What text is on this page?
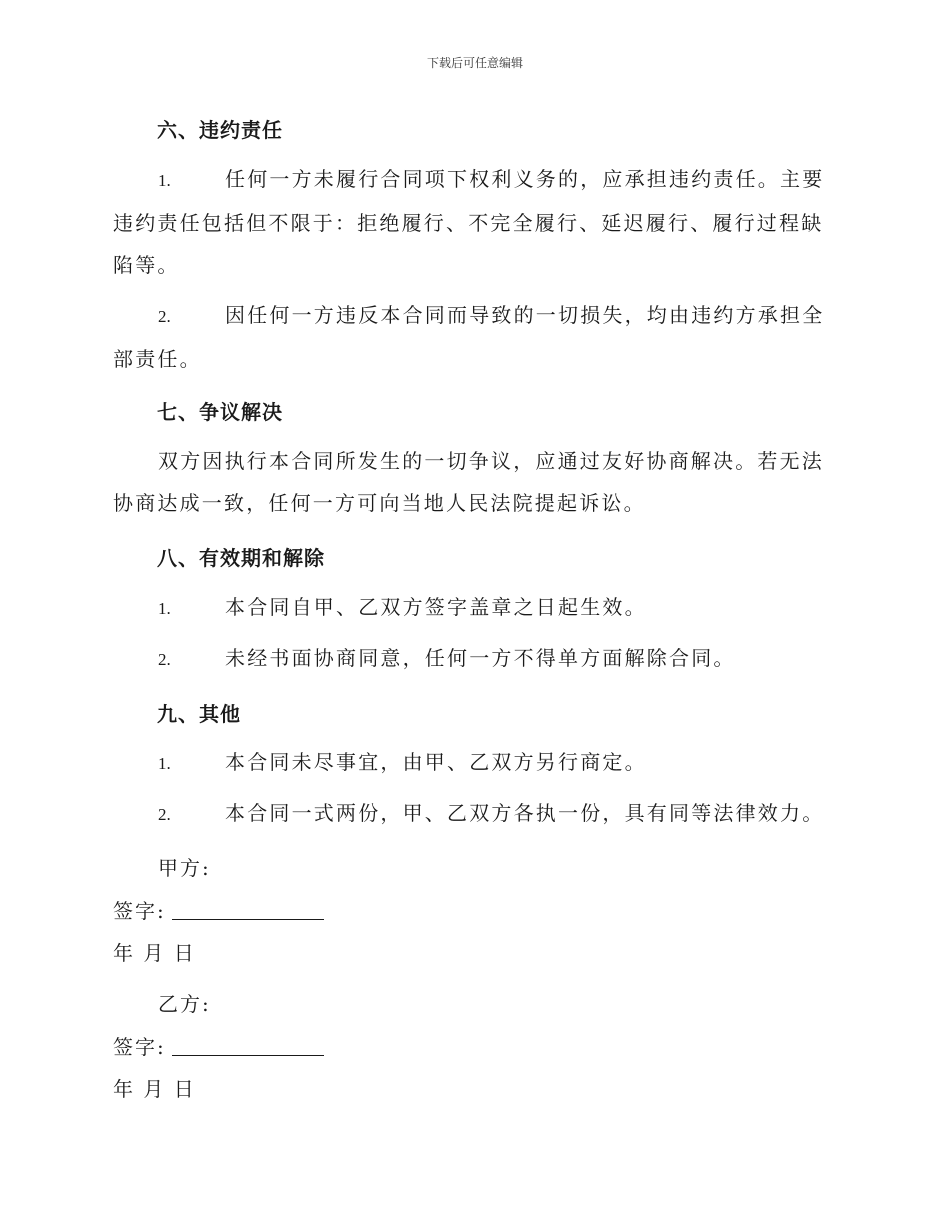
下载后可任意编辑
六、违约责任
1.	任何一方未履行合同项下权利义务的，应承担违约责任。主要违约责任包括但不限于：拒绝履行、不完全履行、延迟履行、履行过程缺陷等。
2.	因任何一方违反本合同而导致的一切损失，均由违约方承担全部责任。
七、争议解决
双方因执行本合同所发生的一切争议，应通过友好协商解决。若无法协商达成一致，任何一方可向当地人民法院提起诉讼。
八、有效期和解除
1.	本合同自甲、乙双方签字盖章之日起生效。
2.	未经书面协商同意，任何一方不得单方面解除合同。
九、其他
1.	本合同未尽事宜，由甲、乙双方另行商定。
2.	本合同一式两份，甲、乙双方各执一份，具有同等法律效力。
甲方:
签字:
年 月 日
乙方:
签字:
年 月 日
